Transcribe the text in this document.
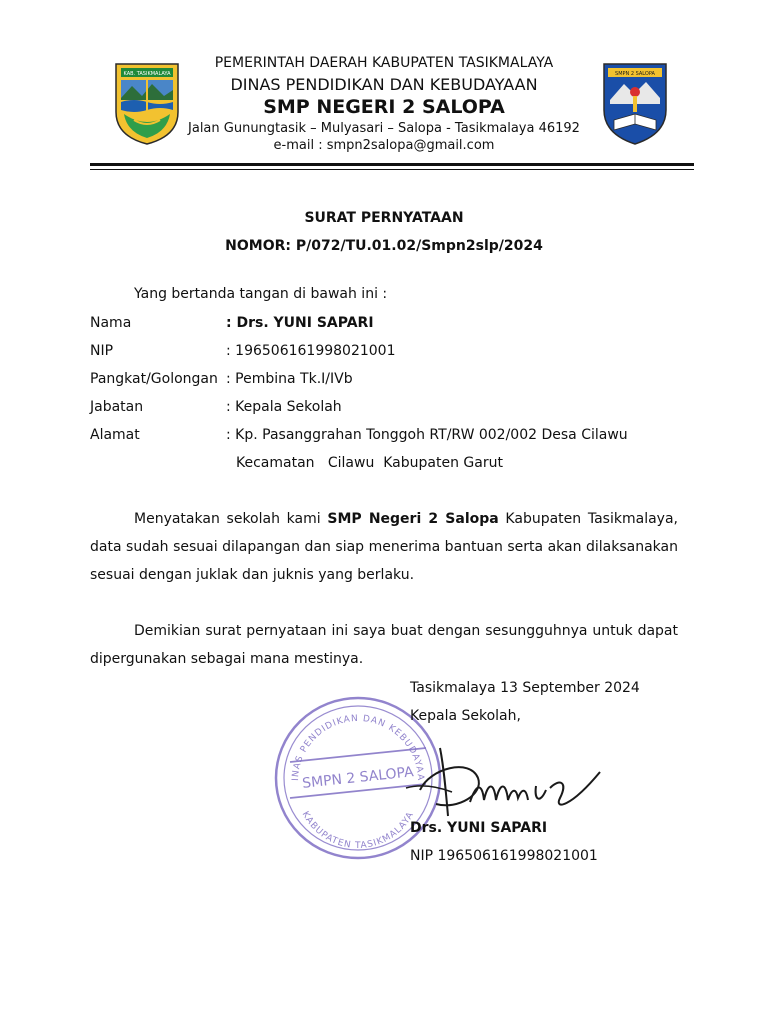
KAB. TASIKMALAYA	SMPN 2 SALOPA
PEMERINTAH DAERAH KABUPATEN TASIKMALAYA
DINAS PENDIDIKAN DAN KEBUDAYAAN
SMP NEGERI 2 SALOPA
Jalan Gunungtasik – Mulyasari – Salopa - Tasikmalaya 46192
e-mail : smpn2salopa@gmail.com
SURAT PERNYATAAN
NOMOR: P/072/TU.01.02/Smpn2slp/2024
Yang bertanda tangan di bawah ini :
Nama	: Drs. YUNI SAPARI
NIP	: 196506161998021001
Pangkat/Golongan : Pembina Tk.I/IVb
Jabatan	: Kepala Sekolah
Alamat	: Kp. Pasanggrahan Tonggoh RT/RW 002/002 Desa Cilawu
Kecamatan   Cilawu  Kabupaten Garut
Menyatakan sekolah kami SMP Negeri 2 Salopa Kabupaten Tasikmalaya, data sudah sesuai dilapangan dan siap menerima bantuan serta akan dilaksanakan sesuai dengan juklak dan juknis yang berlaku.
Demikian surat pernyataan ini saya buat dengan sesungguhnya untuk dapat dipergunakan sebagai mana mestinya.
INAS PENDIDIKAN DAN KEBUDAYAA
SMPN 2 SALOPA
KABUPATEN TASIKMALAYA
Tasikmalaya 13 September 2024
Kepala Sekolah,
Drs. YUNI SAPARI
NIP 196506161998021001
